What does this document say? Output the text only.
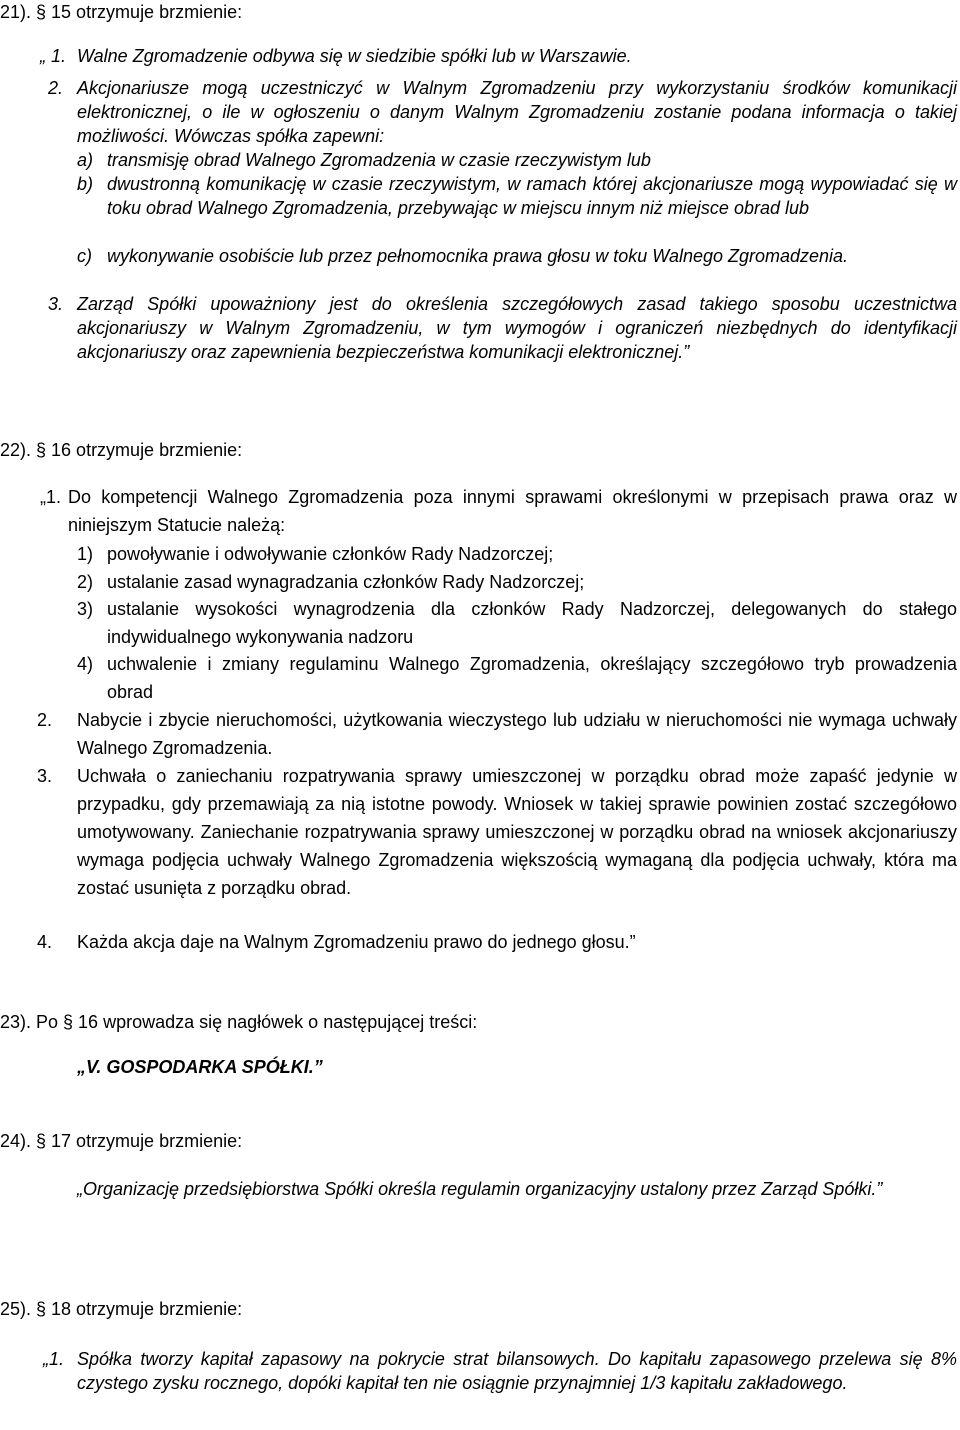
21). § 15 otrzymuje brzmienie:
„ 1. Walne Zgromadzenie odbywa się w siedzibie spółki lub w Warszawie.
2. Akcjonariusze mogą uczestniczyć w Walnym Zgromadzeniu przy wykorzystaniu środków komunikacji elektronicznej, o ile w ogłoszeniu o danym Walnym Zgromadzeniu zostanie podana informacja o takiej możliwości. Wówczas spółka zapewni:
a) transmisję obrad Walnego Zgromadzenia w czasie rzeczywistym lub
b) dwustronną komunikację w czasie rzeczywistym, w ramach której akcjonariusze mogą wypowiadać się w toku obrad Walnego Zgromadzenia, przebywając w miejscu innym niż miejsce obrad lub
c) wykonywanie osobiście lub przez pełnomocnika prawa głosu w toku Walnego Zgromadzenia.
3. Zarząd Spółki upoważniony jest do określenia szczegółowych zasad takiego sposobu uczestnictwa akcjonariuszy w Walnym Zgromadzeniu, w tym wymogów i ograniczeń niezbędnych do identyfikacji akcjonariuszy oraz zapewnienia bezpieczeństwa komunikacji elektronicznej.”
22). § 16 otrzymuje brzmienie:
„1. Do kompetencji Walnego Zgromadzenia poza innymi sprawami określonymi w przepisach prawa oraz w niniejszym Statucie należą:
1) powoływanie i odwoływanie członków Rady Nadzorczej;
2) ustalanie zasad wynagradzania członków Rady Nadzorczej;
3) ustalanie wysokości wynagrodzenia dla członków Rady Nadzorczej, delegowanych do stałego indywidualnego wykonywania nadzoru
4) uchwalenie i zmiany regulaminu Walnego Zgromadzenia, określający szczegółowo tryb prowadzenia obrad
2. Nabycie i zbycie nieruchomości, użytkowania wieczystego lub udziału w nieruchomości nie wymaga uchwały Walnego Zgromadzenia.
3. Uchwała o zaniechaniu rozpatrywania sprawy umieszczonej w porządku obrad może zapaść jedynie w przypadku, gdy przemawiają za nią istotne powody. Wniosek w takiej sprawie powinien zostać szczegółowo umotywowany. Zaniechanie rozpatrywania sprawy umieszczonej w porządku obrad na wniosek akcjonariuszy wymaga podjęcia uchwały Walnego Zgromadzenia większością wymaganą dla podjęcia uchwały, która ma zostać usunięta z porządku obrad.
4. Każda akcja daje na Walnym Zgromadzeniu prawo do jednego głosu.”
23). Po § 16 wprowadza się nagłówek o następującej treści:
„V. GOSPODARKA SPÓŁKI.”
24). § 17 otrzymuje brzmienie:
„Organizację przedsiębiorstwa Spółki określa regulamin organizacyjny ustalony przez Zarząd Spółki.”
25). § 18 otrzymuje brzmienie:
„1. Spółka tworzy kapitał zapasowy na pokrycie strat bilansowych. Do kapitału zapasowego przelewa się 8% czystego zysku rocznego, dopóki kapitał ten nie osiągnie przynajmniej 1/3 kapitału zakładowego.
